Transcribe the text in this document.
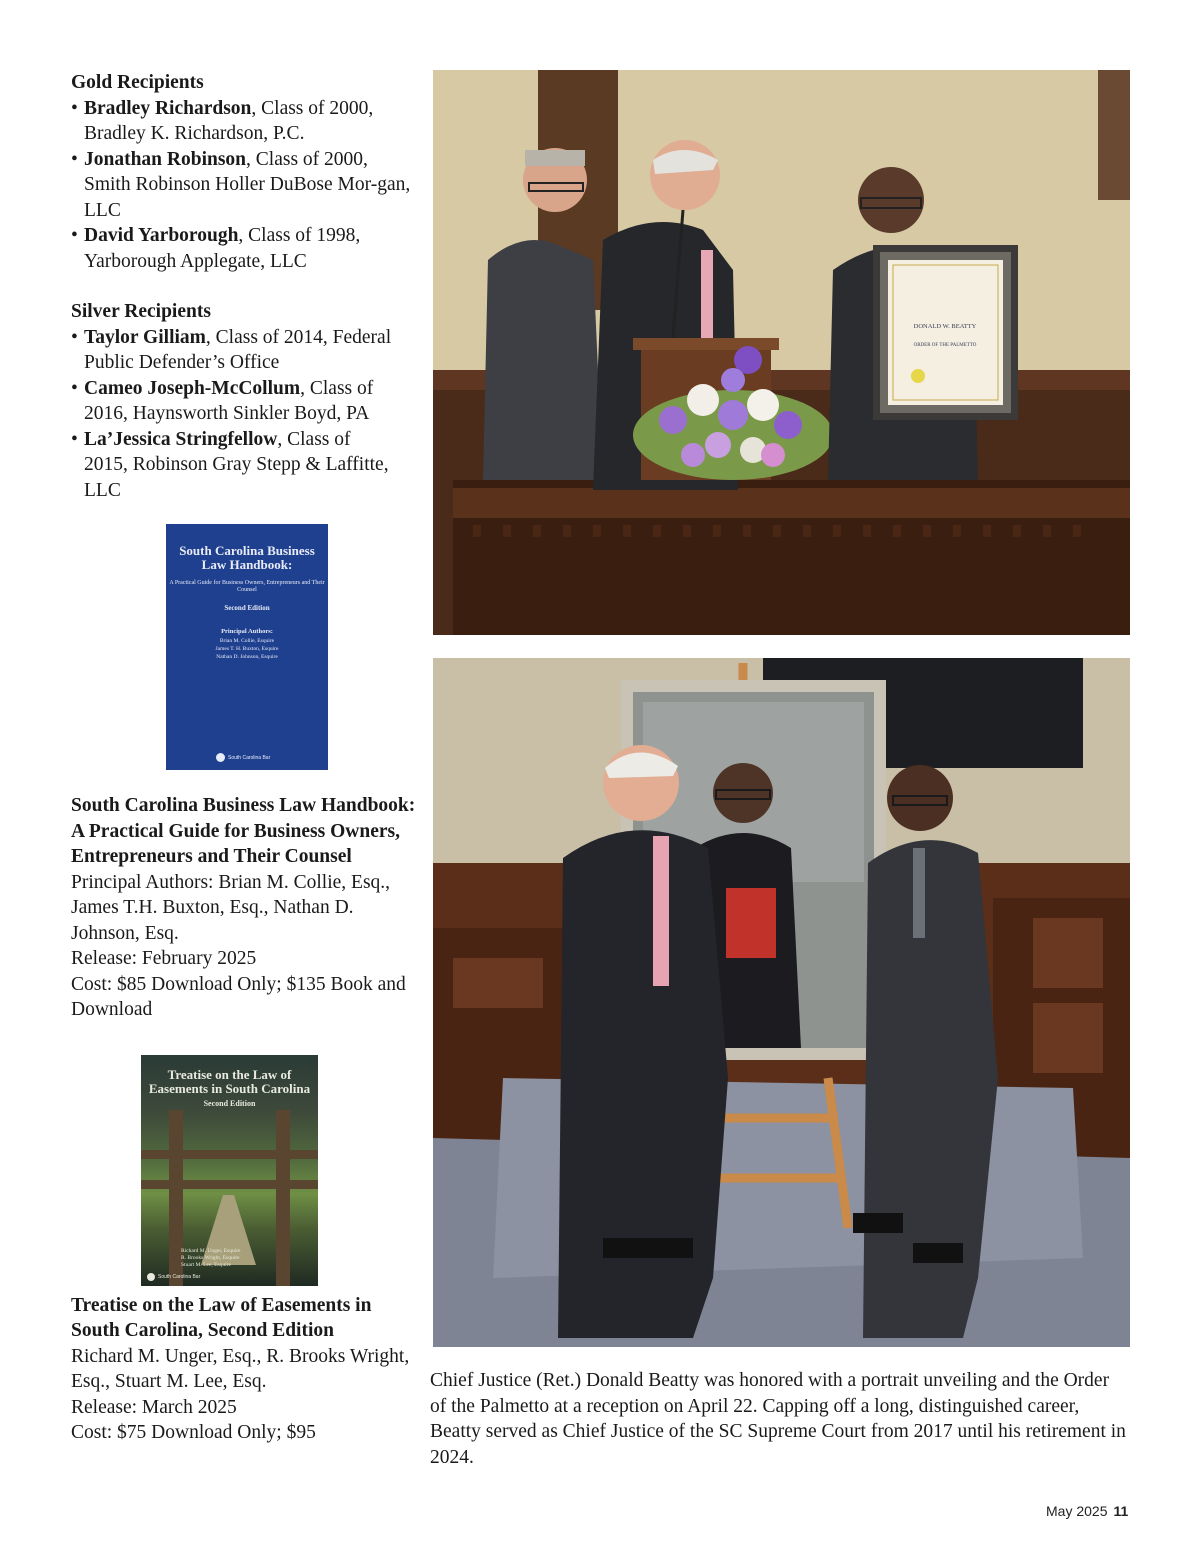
Gold Recipients

• Bradley Richardson, Class of 2000,
Bradley K. Richardson, P.C.
• Jonathan Robinson, Class of 2000,
Smith Robinson Holler DuBose Mor-gan, LLC
• David Yarborough, Class of 1998,
Yarborough Applegate, LLC

Silver Recipients

• Taylor Gilliam, Class of 2014, Federal
Public Defender’s Office
• Cameo Joseph-McCollum, Class of
2016, Haynsworth Sinkler Boyd, PA
• La’Jessica Stringfellow, Class of
2015, Robinson Gray Stepp & Laffitte, LLC

South Carolina Business Law Handbook: A Practical Guide for Business Owners, Entrepreneurs and Their Counsel

Principal Authors: Brian M. Collie, Esq., James T.H. Buxton, Esq., Nathan D. Johnson, Esq.

Release: February 2025

Cost: $85 Download Only; $135 Book and Download

Treatise on the Law of Easements in South Carolina, Second Edition

Richard M. Unger, Esq., R. Brooks Wright, Esq., Stuart M. Lee, Esq.

Release: March 2025

Cost: $75 Download Only; $95

South Carolina Business Law Handbook:
A Practical Guide for Business Owners, Entrepreneurs and Their Counsel
Second Edition
Principal Authors:
Brian M. Collie, Esquire
James T. H. Buxton, Esquire
Nathan D. Johnson, Esquire
South Carolina Bar
Treatise on the Law of Easements in South Carolina
Second Edition
Richard M. Unger, Esquire
R. Brooks Wright, Esquire
Stuart M. Lee, Esquire
South Carolina Bar
DONALD W. BEATTY
ORDER OF THE PALMETTO
Chief Justice (Ret.) Donald Beatty was honored with a portrait unveiling and the Order of the Palmetto at a reception on April 22. Capping off a long, distinguished career, Beatty served as Chief Justice of the SC Supreme Court from 2017 until his retirement in 2024.
May 2025 11
